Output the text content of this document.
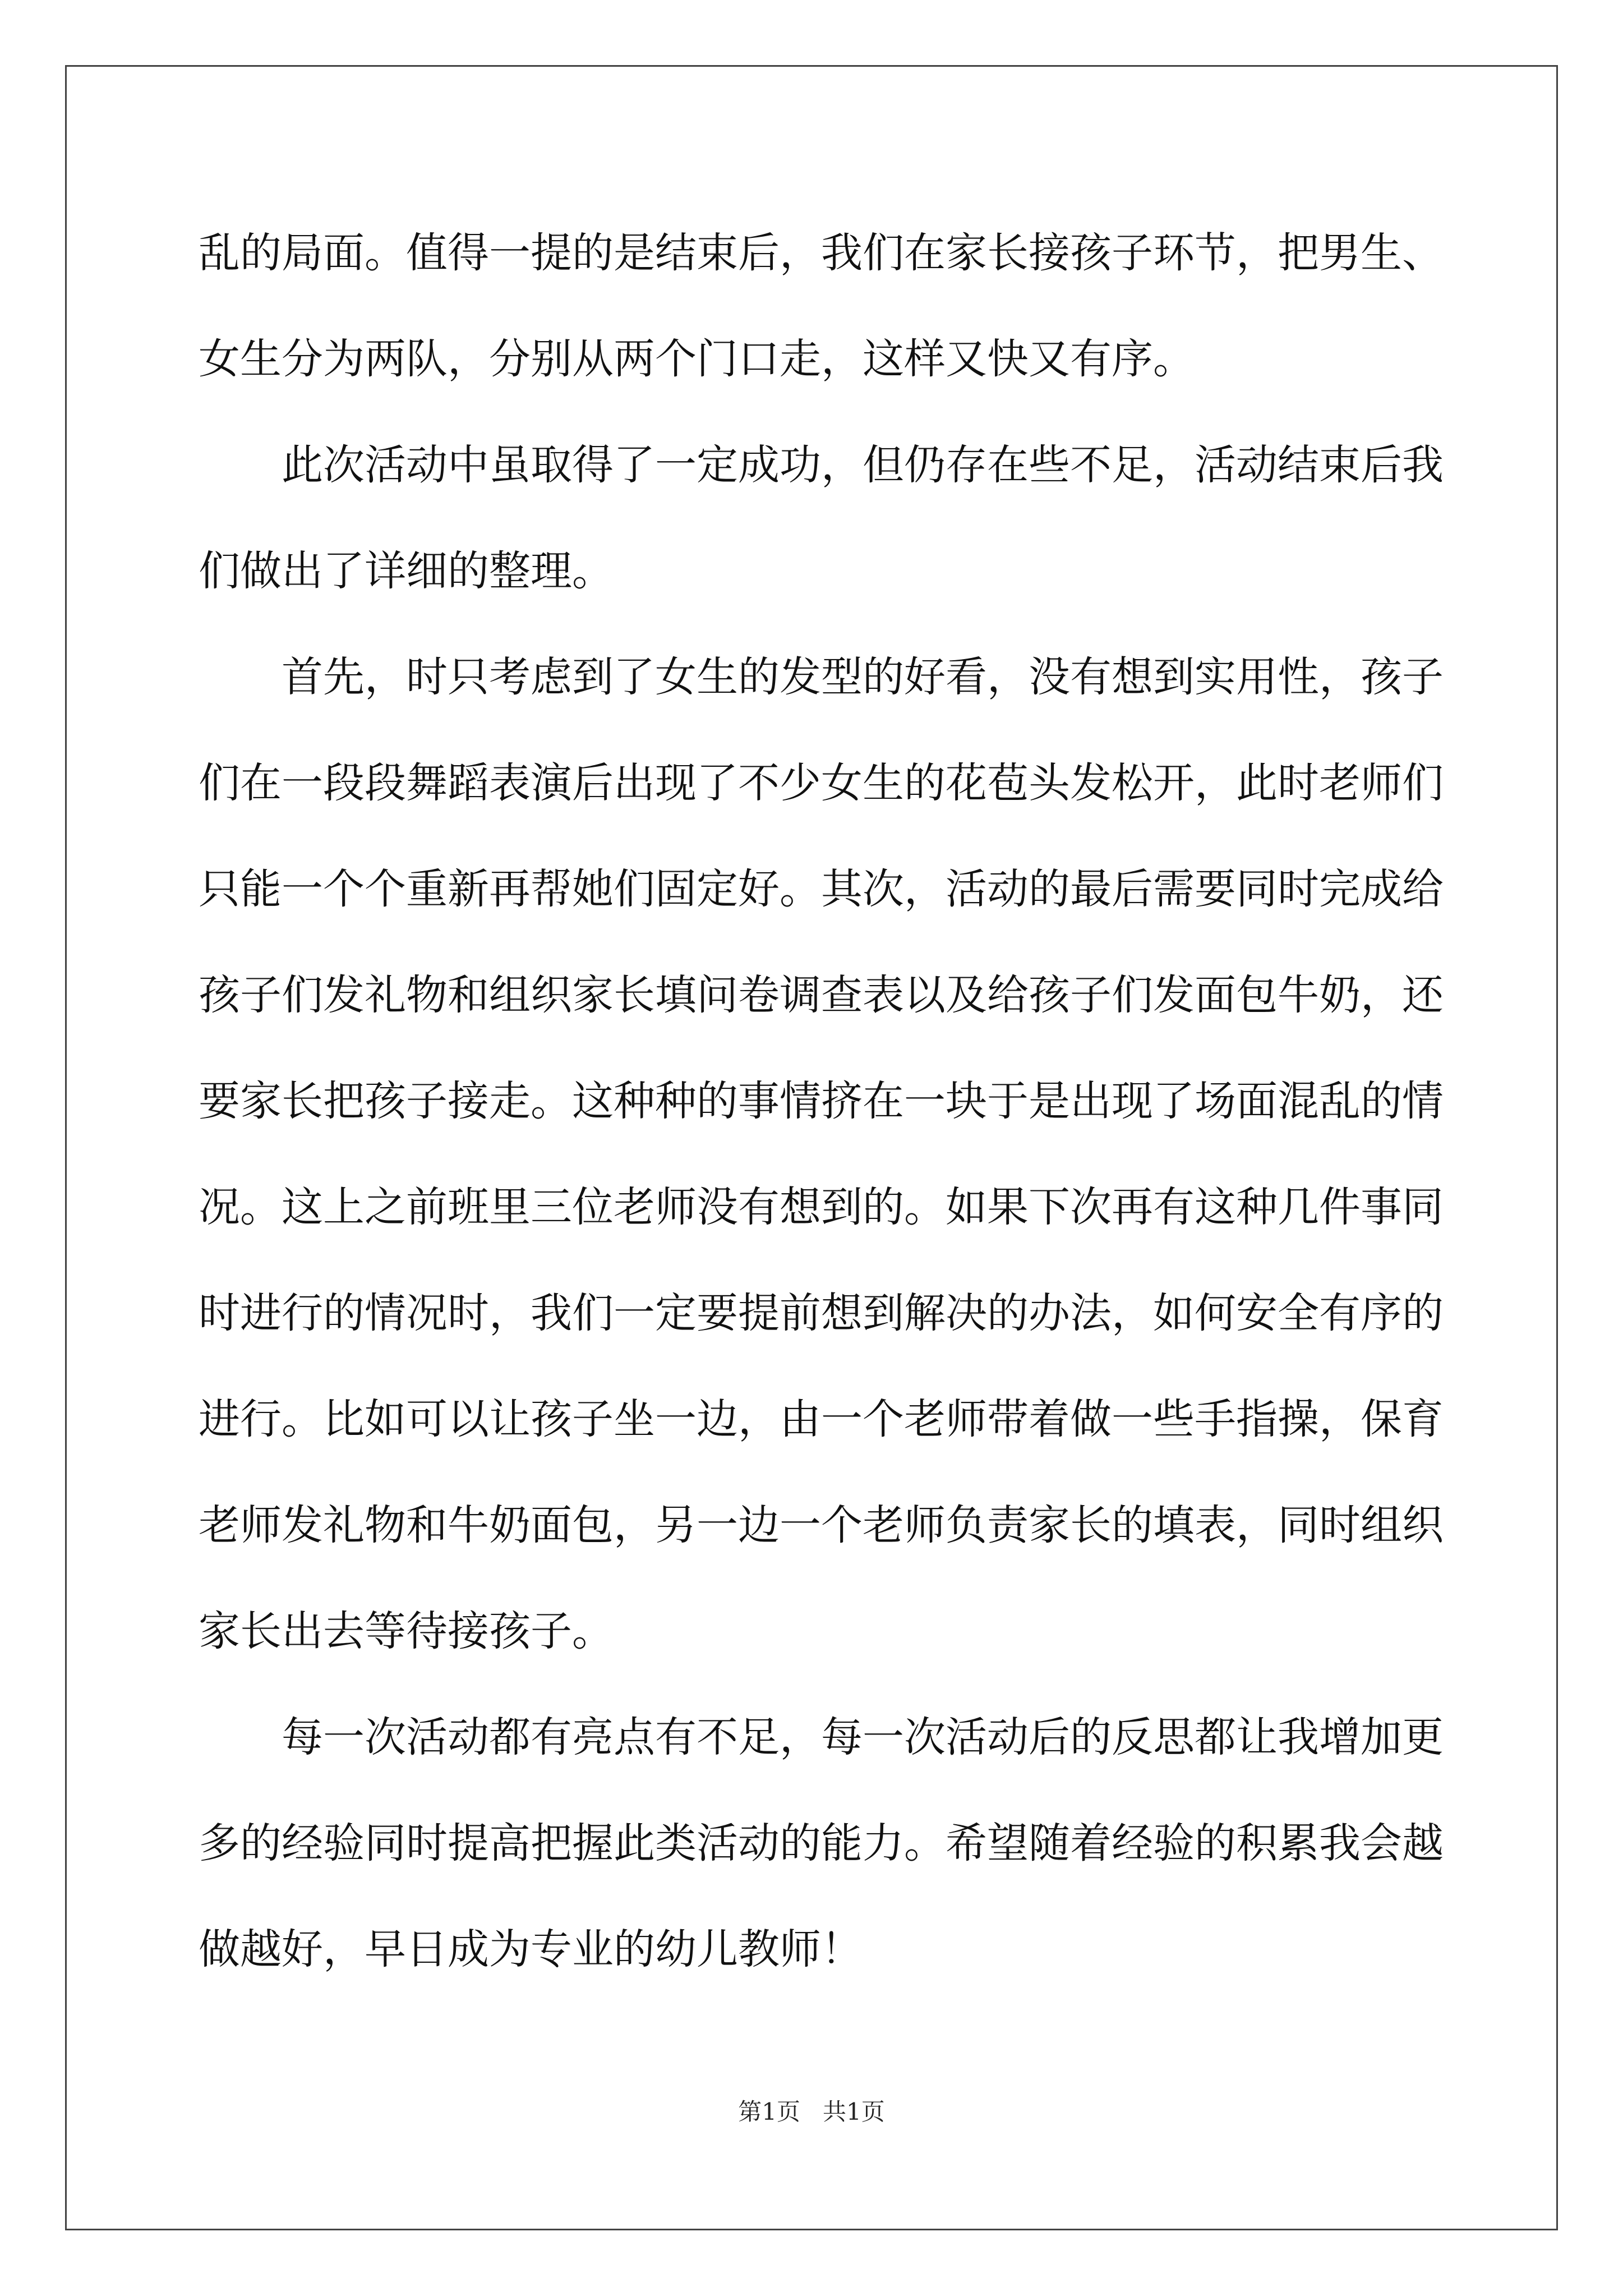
乱的局面。值得一提的是结束后，我们在家长接孩子环节，把男生、
女生分为两队，分别从两个门口走，这样又快又有序。
此次活动中虽取得了一定成功，但仍存在些不足，活动结束后我
们做出了详细的整理。
首先，时只考虑到了女生的发型的好看，没有想到实用性，孩子
们在一段段舞蹈表演后出现了不少女生的花苞头发松开，此时老师们
只能一个个重新再帮她们固定好。其次，活动的最后需要同时完成给
孩子们发礼物和组织家长填问卷调查表以及给孩子们发面包牛奶，还
要家长把孩子接走。这种种的事情挤在一块于是出现了场面混乱的情
况。这上之前班里三位老师没有想到的。如果下次再有这种几件事同
时进行的情况时，我们一定要提前想到解决的办法，如何安全有序的
进行。比如可以让孩子坐一边，由一个老师带着做一些手指操，保育
老师发礼物和牛奶面包，另一边一个老师负责家长的填表，同时组织
家长出去等待接孩子。
每一次活动都有亮点有不足，每一次活动后的反思都让我增加更
多的经验同时提高把握此类活动的能力。希望随着经验的积累我会越
做越好，早日成为专业的幼儿教师！
第1页 共1页
